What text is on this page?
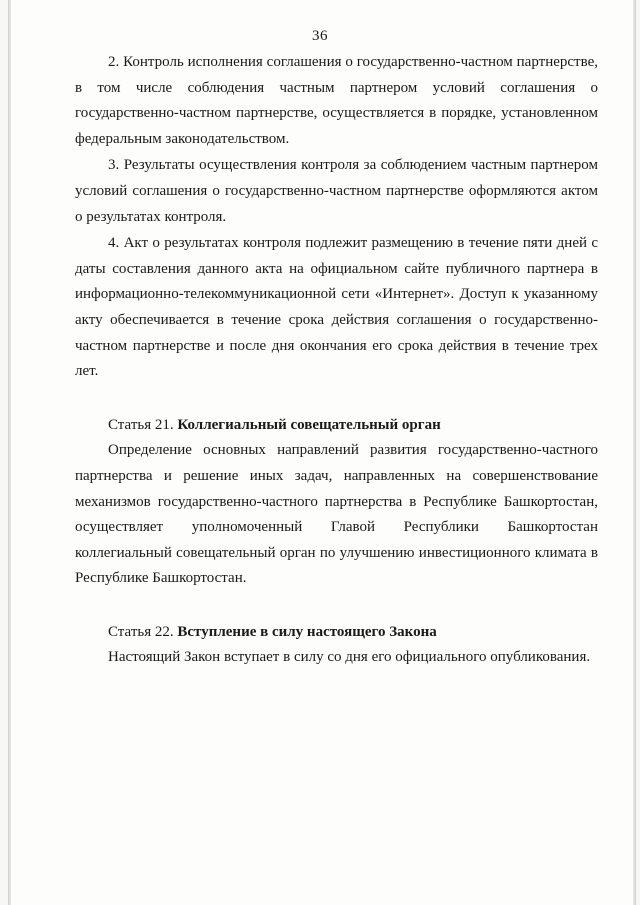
36

2. Контроль исполнения соглашения о государственно-частном партнерстве, в том числе соблюдения частным партнером условий соглашения о государственно-частном партнерстве, осуществляется в порядке, установленном федеральным законодательством.

3. Результаты осуществления контроля за соблюдением частным партнером условий соглашения о государственно-частном партнерстве оформляются актом о результатах контроля.

4. Акт о результатах контроля подлежит размещению в течение пяти дней с даты составления данного акта на официальном сайте публичного партнера в информационно-телекоммуникационной сети «Интернет». Доступ к указанному акту обеспечивается в течение срока действия соглашения о государственно-частном партнерстве и после дня окончания его срока действия в течение трех лет.

Статья 21. Коллегиальный совещательный орган

Определение основных направлений развития государственно-частного партнерства и решение иных задач, направленных на совершенствование механизмов государственно-частного партнерства в Республике Башкортостан, осуществляет уполномоченный Главой Республики Башкортостан коллегиальный совещательный орган по улучшению инвестиционного климата в Республике Башкортостан.

Статья 22. Вступление в силу настоящего Закона

Настоящий Закон вступает в силу со дня его официального опубликования.
